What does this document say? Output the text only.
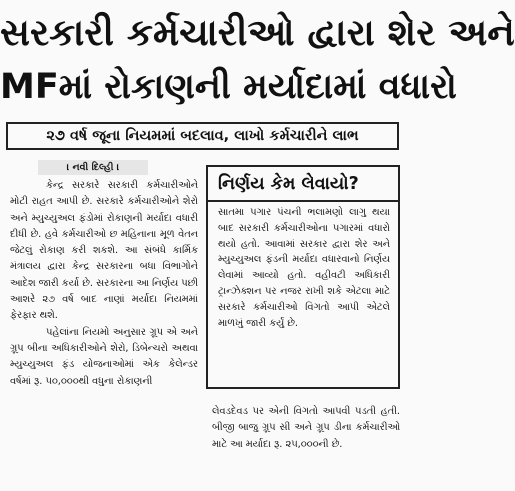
સરકારી કર્મચારીઓ દ્વારા શેર અને
MFમાં રોકાણની મર્યાદામાં વધારો
૨૭ વર્ષ જૂના નિયમમાં બદલાવ, લાખો કર્મચારીને લાભ
। નવી દિલ્હી ।

કેન્દ્ર સરકારે સરકારી કર્મચારીઓને મોટી રાહત આપી છે. સરકારે કર્મચારીઓને શેરો અને મ્યુચ્યુઅલ ફંડોમાં રોકાણની મર્યાદા વધારી દીધી છે. હવે કર્મચારીઓ છ મહિનાના મૂળ વેતન જેટલું રોકાણ કરી શકશે. આ સંબંધે કાર્મિક મંત્રાલય દ્વારા કેન્દ્ર સરકારના બધા વિભાગોને આદેશ જારી કર્યા છે. સરકારના આ નિર્ણય પછી આશરે ૨૭ વર્ષ બાદ નાણાં મર્યાદા નિયમમાં ફેરફાર થશે.

પહેલાંના નિયમો અનુસાર ગ્રૂપ એ અને ગ્રૂપ બીના અધિકારીઓને શેરો, ડિબેન્ચરો અથવા મ્યુચ્યુઅલ ફંડ યોજનાઓમાં એક કેલેન્ડર વર્ષમાં રૂ. ૫૦,૦૦૦થી વધુના રોકાણની

નિર્ણય કેમ લેવાયો?
સાતમા પગાર પંચની ભલામણો લાગુ થયા બાદ સરકારી કર્મચારીઓના પગારમાં વધારો થયો હતો. આવામાં સરકાર દ્વારા શેર અને મ્યુચ્યુઅલ ફંડની મર્યાદા વધારવાનો નિર્ણય લેવામાં આવ્યો હતો. વહીવટી અધિકારી ટ્રાન્ઝેક્શન પર નજર રાખી શકે એટલા માટે સરકારે કર્મચારીઓ વિગતો આપી એટલે માળખું જારી કર્યું છે.

લેવડદેવડ પર એની વિગતો આપવી પડતી હતી. બીજી બાજુ ગ્રૂપ સી અને ગ્રૂપ ડીના કર્મચારીઓ માટે આ મર્યાદા રૂ. ૨૫,૦૦૦ની છે.
